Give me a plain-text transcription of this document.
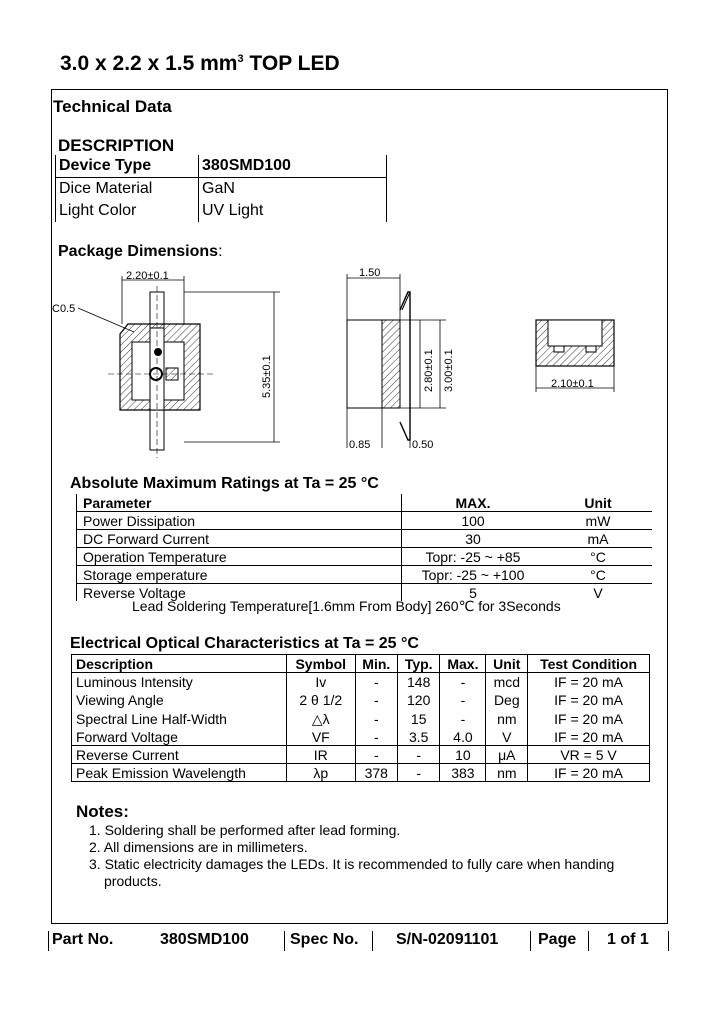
3.0 x 2.2 x 1.5 $mm^3$ TOP LED
Technical Data
DESCRIPTION
Device Type	380SMD100
Dice Material	GaN
Light Color	UV Light
Package Dimensions:
2.20±0.1
C0.5
5.35±0.1
1.50
0.85	0.50
2.80±0.1 3.00±0.1	2.10±0.1
Absolute Maximum Ratings at Ta = 25 °C
Parameter	MAX.	Unit
Power Dissipation	100	mW
DC Forward Current	30	mA
Operation Temperature	Topr: -25 ~ +85	°C
Storage emperature	Topr: -25 ~ +100	°C
Reverse Voltage	5	V
Lead Soldering Temperature[1.6mm From Body] 260℃ for 3Seconds
Electrical Optical Characteristics at Ta = 25 °C
Description	Symbol	Min.	Typ.	Max.	Unit	Test Condition
Luminous Intensity	Iv	-	148	-	mcd	IF = 20 mA
Viewing Angle	2 θ 1/2	-	120	-	Deg	IF = 20 mA
Spectral Line Half-Width	△λ	-	15	-	nm	IF = 20 mA
Forward Voltage	VF	-	3.5	4.0	V	IF = 20 mA
Reverse Current	IR	-	-	10	μA	VR = 5 V
Peak Emission Wavelength	λp	378	-	383	nm	IF = 20 mA
Notes:
1. Soldering shall be performed after lead forming.
2. All dimensions are in millimeters.
3. Static electricity damages the LEDs. It is recommended to fully care when handing
products.
Part No.	380SMD100	Spec No. S/N-02091101 Page 1 of 1
